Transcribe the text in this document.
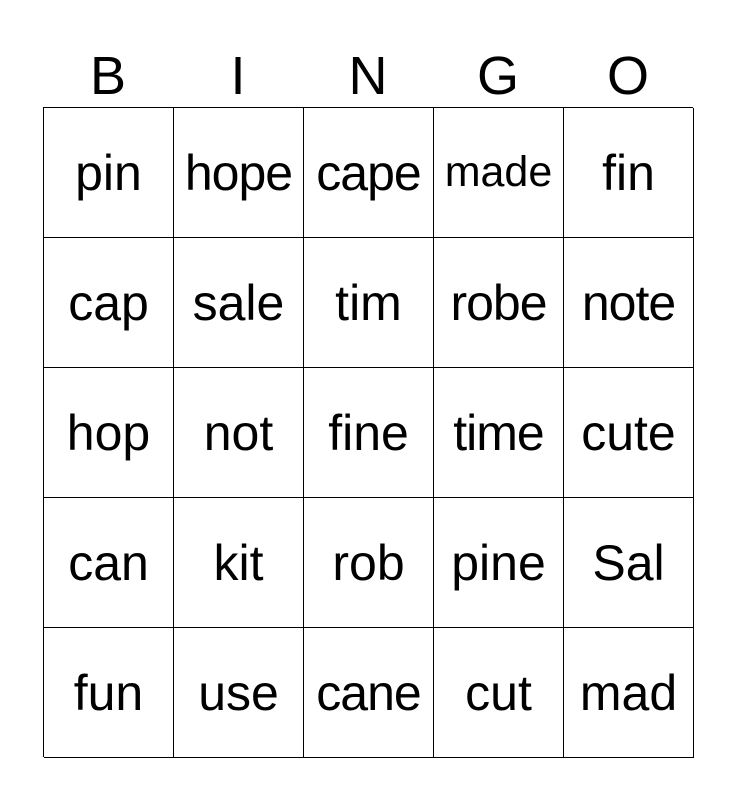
B	I	N	G	O
pin hope cape made fin
cap sale	tim robe note
hop	not	fine time cute
can	kit	rob pine Sal
fun	use cane cut mad
